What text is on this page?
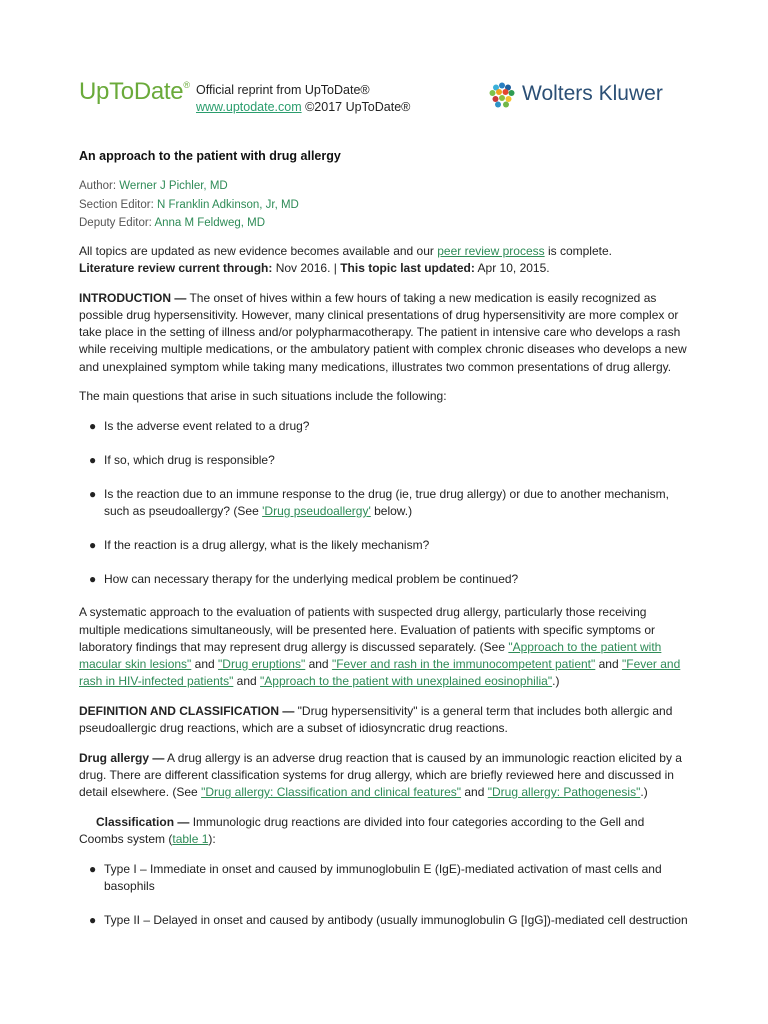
UpToDate® Official reprint from UpToDate®
www.uptodate.com ©2017 UpToDate®
Wolters Kluwer
An approach to the patient with drug allergy
Author: Werner J Pichler, MD
Section Editor: N Franklin Adkinson, Jr, MD
Deputy Editor: Anna M Feldweg, MD

All topics are updated as new evidence becomes available and our peer review process is complete.
Literature review current through: Nov 2016. | This topic last updated: Apr 10, 2015.

INTRODUCTION — The onset of hives within a few hours of taking a new medication is easily recognized as possible drug hypersensitivity. However, many clinical presentations of drug hypersensitivity are more complex or take place in the setting of illness and/or polypharmacotherapy. The patient in intensive care who develops a rash while receiving multiple medications, or the ambulatory patient with complex chronic diseases who develops a new and unexplained symptom while taking many medications, illustrates two common presentations of drug allergy.

The main questions that arise in such situations include the following:

● Is the adverse event related to a drug?
● If so, which drug is responsible?
● Is the reaction due to an immune response to the drug (ie, true drug allergy) or due to another mechanism, such as pseudoallergy? (See 'Drug pseudoallergy' below.)
● If the reaction is a drug allergy, what is the likely mechanism?
● How can necessary therapy for the underlying medical problem be continued?

A systematic approach to the evaluation of patients with suspected drug allergy, particularly those receiving multiple medications simultaneously, will be presented here. Evaluation of patients with specific symptoms or laboratory findings that may represent drug allergy is discussed separately. (See "Approach to the patient with macular skin lesions" and "Drug eruptions" and "Fever and rash in the immunocompetent patient" and "Fever and rash in HIV-infected patients" and "Approach to the patient with unexplained eosinophilia".)

DEFINITION AND CLASSIFICATION — "Drug hypersensitivity" is a general term that includes both allergic and pseudoallergic drug reactions, which are a subset of idiosyncratic drug reactions.

Drug allergy — A drug allergy is an adverse drug reaction that is caused by an immunologic reaction elicited by a drug. There are different classification systems for drug allergy, which are briefly reviewed here and discussed in detail elsewhere. (See "Drug allergy: Classification and clinical features" and "Drug allergy: Pathogenesis".)

Classification — Immunologic drug reactions are divided into four categories according to the Gell and Coombs system (table 1):

● Type I – Immediate in onset and caused by immunoglobulin E (IgE)-mediated activation of mast cells and basophils
● Type II – Delayed in onset and caused by antibody (usually immunoglobulin G [IgG])-mediated cell destruction
